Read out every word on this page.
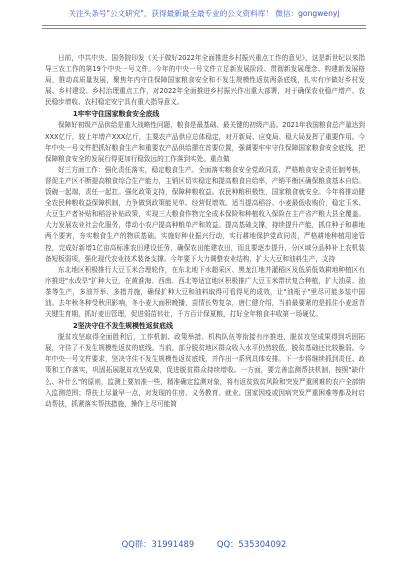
关注头条号"公文研究"，获得最新最全最专业的公文资料库！ 微信：gongwenyj

日前，中共中央、国务院印发《关于做好2022年全面推进乡村振兴重点工作的意见》，这是新世纪以来指导三农工作的第19个中央一号文件。今年的中央一号文件立足新发展阶段、贯彻新发展理念、构建新发展格局，推动高质量发展，聚焦年内守住保障国家粮食安全和不发生规模性返贫两条底线，扎实有序做好乡村发展、乡村建设、乡村治理重点工作，对2022年全面推进乡村振兴作出重大部署，对于确保农业稳产增产、农民稳步增收、农村稳定安宁具有重大指导意义。

1牢牢守住国家粮食安全底线

保障好初级产品供给是重大战略性问题，粮食是最基础、最关键的初级产品。2021年我国粮食总产量达到XXX亿斤，较上年增产XXX亿斤，主要农产品供应总体稳定，对开新局、应变局、稳大局发挥了重要作用。今年中央一号文件把抓好粮食生产和重要农产品供给摆在首要位置，强调要牢牢守住保障国家粮食安全底线，把保障粮食安全的发展行得更加行稳致远的工作落到实处。重点做

好三方面工作：强化责任落实，稳定粮食生产。全面落实粮食安全党政同责，严格粮食安全责任制考核，督促主产区不断提高粮食综合生产能力，主销区切实稳定和提高粮食自给率，产销平衡区确保粮食基本自给。饭碗一起端，责任一起扛。强化政策支持，保障种粮收益。农民种粮积极性，国家粮食就安全。今年将推动健全农民种粮收益保障机制，力争做到政策能见单、经营促增效。适当提高稻谷、小麦最低收购价，稳定玉米、大豆生产者补贴和稻谷补贴政策，实现三大粮食作物完全成本保险和种植收入保险在主产省产粮大县全覆盖。大力发展农业社会化服务，带动小农户提高种粮单产和效益。提高基础支撑，持续提升产能，抓住种子和耕地两个要害，夯实粮食生产的物质基础。实施好种业振兴行动，实行耕地保护党政同责，严格耕地种植用途管控，完成好新增1亿亩高标准农田建设任务，确保农田能建农田，而且要逐步提升，分区域分品种补上农机装备短板弱项，强化现代农业技术装备支撑。今年要下大力调整农业结构，扩大大豆和油料生产，支持

东北地区积极推行大豆玉米合理轮作，在东北地下水超采区、黑龙江地井灌稻区及低质低效耕地种植区有序推进"水改旱"扩种大豆，在黄淮海、西南、西北等适宜地区积极推广大豆玉米带状复合种植，扩大油菜、油茶等生产，多油并举、多措并施，确保扩种大豆和油料取得可看得见的成效，让"油瓶子"里尽可能多装中国油。去年秋冬种受秋汛影响，冬小麦大面积晚播，苗情长势复杂，唐仁健介绍，当前最要紧的是抓住小麦返青关键生育期，抓好麦田管理，促进弱苗转壮，千方百计保夏粮，打好全年粮食丰收第一场硬仗。

2坚决守住不发生规模性返贫底线

脱贫攻坚取得全面胜利后，工作机制、政策举措、机构队伍等衔接有序推进，脱贫攻坚成果得到巩固拓展，守住了不发生规模性返贫的底线。当前，部分脱贫地区群众收入水平仍然较低，脱贫基础还比较脆弱。今年中央一号文件要求，坚决守住不发生规模性返贫底线，并作出一系列具体安排。下一步将继续抓到责任、政策和工作落实，巩固拓展脱贫攻坚成果，促进脱贫群众持续增收。一方面，要完善监测帮扶机制，按照"缺什么、补什么"的原则，监测上要加准一些，精准确定监测对象，将有返贫致贫风险和突发严重困难的农户全部纳入监测范围；帮扶上尽量早一点，对发现的住房、义务教育、就业、国家因疫或因病突发严重困难等都及时启动帮扶，抓紧落实帮扶措施，操作上尽可能简

QQ群：31991489	QQ：535304092
